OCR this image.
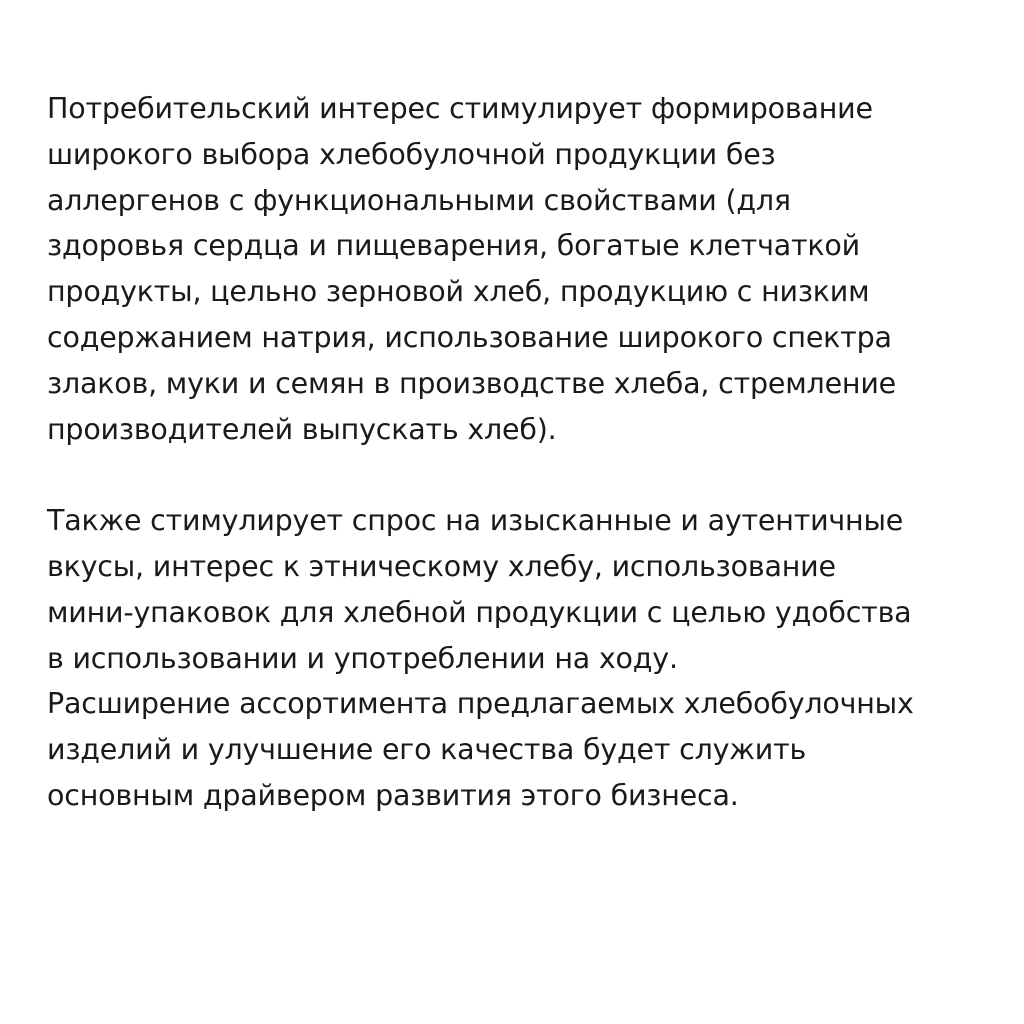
Потребительский интерес стимулирует формирование
широкого выбора хлебобулочной продукции без
аллергенов с функциональными свойствами (для
здоровья сердца и пищеварения, богатые клетчаткой
продукты, цельно зерновой хлеб, продукцию с низким
содержанием натрия, использование широкого спектра
злаков, муки и семян в производстве хлеба, стремление
производителей выпускать хлеб).
Также стимулирует спрос на изысканные и аутентичные
вкусы, интерес к этническому хлебу, использование
мини-упаковок для хлебной продукции с целью удобства
в использовании и употреблении на ходу.
Расширение ассортимента предлагаемых хлебобулочных
изделий и улучшение его качества будет служить
основным драйвером развития этого бизнеса.
